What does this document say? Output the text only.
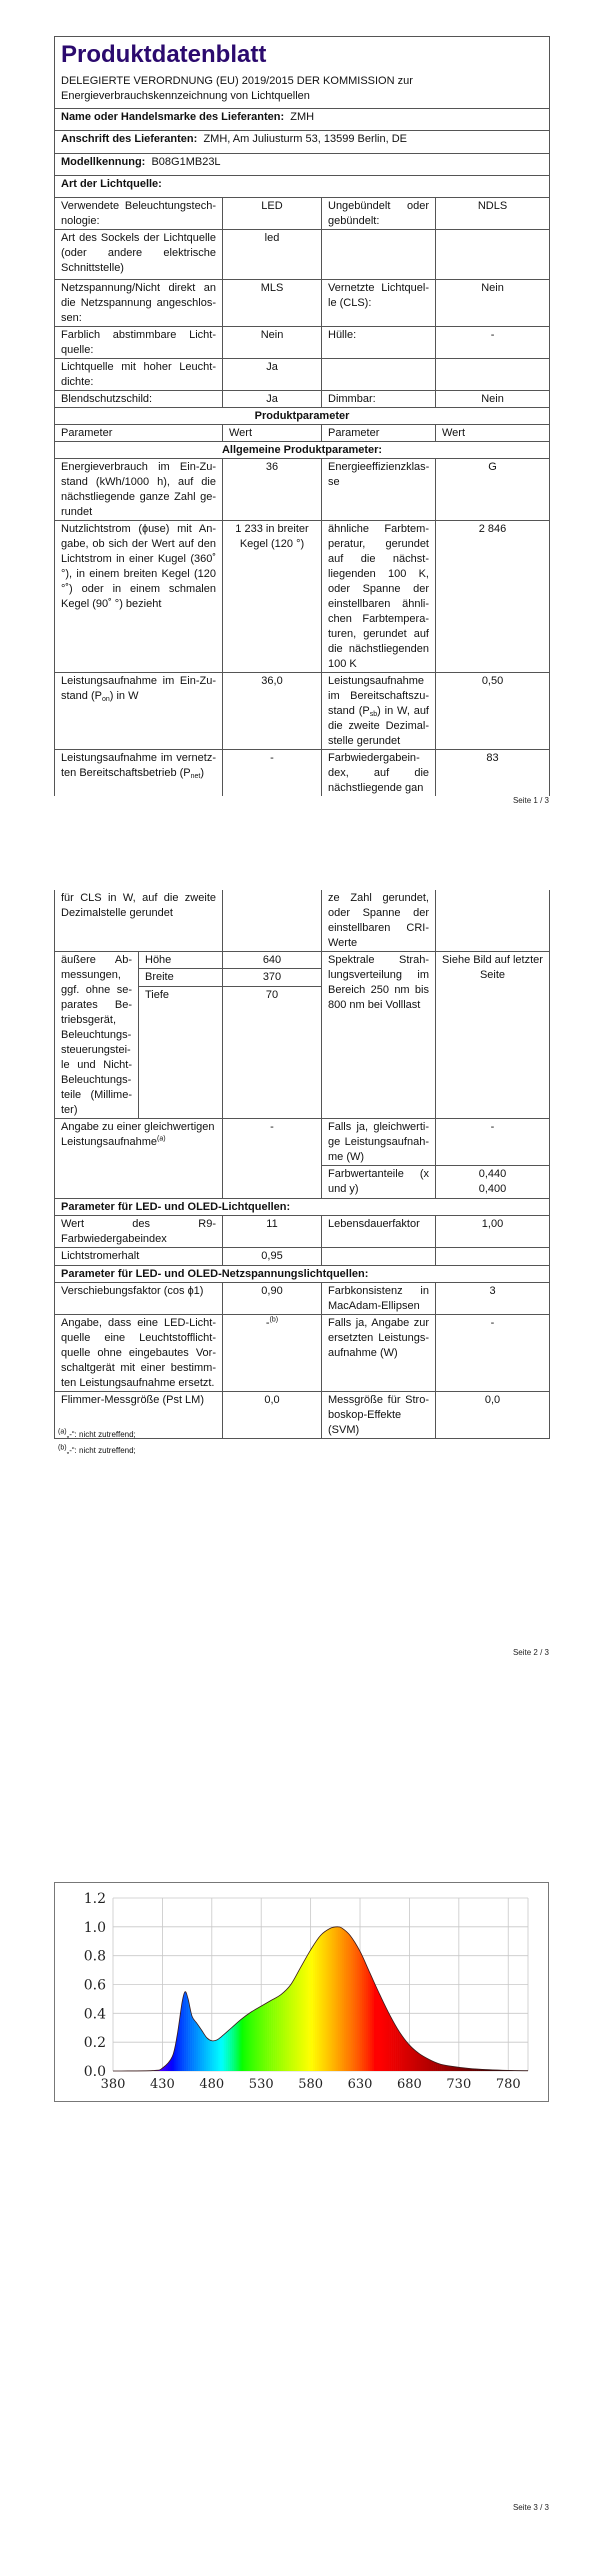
Produktdatenblatt
DELEGIERTE VERORDNUNG (EU) 2019/2015 DER KOMMISSION zur
Energieverbrauchskennzeichnung von Lichtquellen			

Name oder Handelsmarke des Lieferanten: ZMH			
Anschrift des Lieferanten: ZMH, Am Juliusturm 53, 13599 Berlin, DE			
Modellkennung: B08G1MB23L			
Art der Lichtquelle:			
Verwendete Beleuchtungstechnologie:	LED	Ungebündelt oder gebündelt:	NDLS
Art des Sockels der Lichtquelle (oder andere elektrische Schnittstelle)	led		
Netzspannung/Nicht direkt an die Netzspannung angeschlossen:	MLS	Vernetzte Lichtquelle (CLS):	Nein
Farblich abstimmbare Lichtquelle:	Nein	Hülle:	-
Lichtquelle mit hoher Leuchtdichte:	Ja		
Blendschutzschild:	Ja	Dimmbar:	Nein
Produktparameter			
Parameter	Wert	Parameter	Wert
Allgemeine Produktparameter:			
Energieverbrauch im Ein-Zustand (kWh/1000 h), auf die nächstliegende ganze Zahl gerundet	36	Energieeffizienzklasse	G
Nutzlichtstrom (ɸuse) mit Angabe, ob sich der Wert auf den Lichtstrom in einer Kugel (360˚ °), in einem breiten Kegel (120 °˚) oder in einem schmalen Kegel (90˚ °) bezieht	1 233 in breiter Kegel (120 °)	ähnliche Farbtemperatur, gerundet auf die nächstliegenden 100 K, oder Spanne der einstellbaren ähnlichen Farbtemperaturen, gerundet auf die nächstliegenden 100 K	2 846
Leistungsaufnahme im Ein-Zustand $(P_{on})$ in W	36,0	Leistungsaufnahme im Bereitschaftszustand $(P_{sb})$ in W, auf die zweite Dezimalstelle gerundet	0,50
Leistungsaufnahme im vernetzten Bereitschaftsbetrieb $(P_{net})$	-	Farbwiedergabeindex, auf die nächstliegende gan	83
Seite 1 / 3
für CLS in W, auf die zweite Dezimalstelle gerundet			ze Zahl gerundet, oder Spanne der einstellbaren CRI-Werte	
äußere Abmessungen, ggf. ohne separates Betriebsgerät, Beleuchtungssteuerungsteile und Nicht-Beleuchtungsteile (Millimeter)	Höhe	640	Spektrale Strahlungsverteilung im Bereich 250 nm bis 800 nm bei Volllast	Siehe Bild auf letzter Seite
	Breite	370		
	Tiefe	70		
Angabe zu einer gleichwertigen Leistungsaufnahme$^{(a)}$		-	Falls ja, gleichwertige Leistungsaufnahme (W)	-
			Farbwertanteile (x und y)	0,440
0,400

Parameter für LED- und OLED-Lichtquellen:				
Wert des R9-Farbwiedergabeindex		11	Lebensdauerfaktor	1,00
Lichtstromerhalt		0,95		
Parameter für LED- und OLED-Netzspannungslichtquellen:				
Verschiebungsfaktor (cos ɸ1)		0,90	Farbkonsistenz in MacAdam-Ellipsen	3
Angabe, dass eine LED-Lichtquelle eine Leuchtstofflichtquelle ohne eingebautes Vorschaltgerät mit einer bestimmten Leistungsaufnahme ersetzt.		-$^{(b)}$	Falls ja, Angabe zur ersetzten Leistungsaufnahme (W)	-
Flimmer-Messgröße (Pst LM)		0,0	Messgröße für Stroboskop-Effekte (SVM)	0,0
$^{(a)}$„-“: nicht zutreffend;
$^{(b)}$„-“: nicht zutreffend;
Seite 2 / 3
0.0
0.2
0.4
0.6
0.8
1.0
1.2
380 430 480 530 580 630 680 730 780
Seite 3 / 3
